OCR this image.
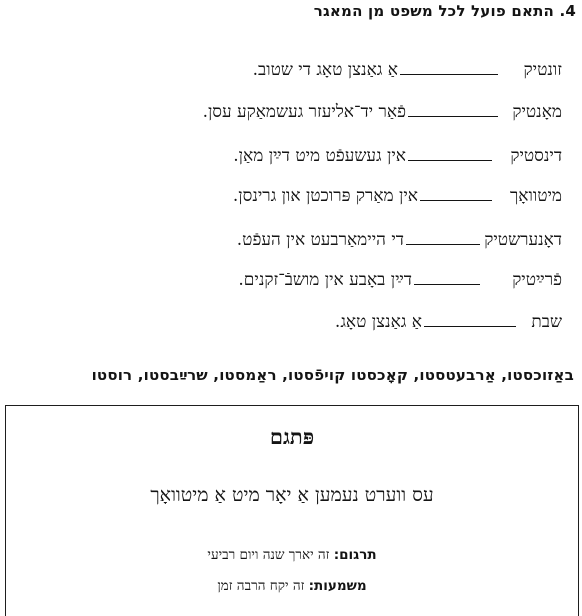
4. התאם פועל לכל משפט מן המאגר
זונטיק
אַ גאַנצן טאָג די שטוב.
מאָנטיק
פֿאַר יד־אליעזר געשמאַקע עסן.
דינסטיק
אין געשעפֿט מיט דײַן מאַן.
מיטוואָך
אין מאַרק פּרוכטן און גרינסן.
דאָנערשטיק
די היימאַרבעט אין העפֿט.
פֿרײַטיק
דײַן באָבע אין מושבֿ־זקנים.
שבת
אַ גאַנצן טאָג.
באַזוכסטו, אַרבעטסטו, קאָכסטו קויפֿסטו, ראַמסטו, שרײַבסטו, רוסטו
פּתגם
עס ווערט נעמען אַ יאָר מיט אַ מיטוואָך
תרגום: זה יארך שנה ויום רביעי
משמעות: זה יקח הרבה זמן
